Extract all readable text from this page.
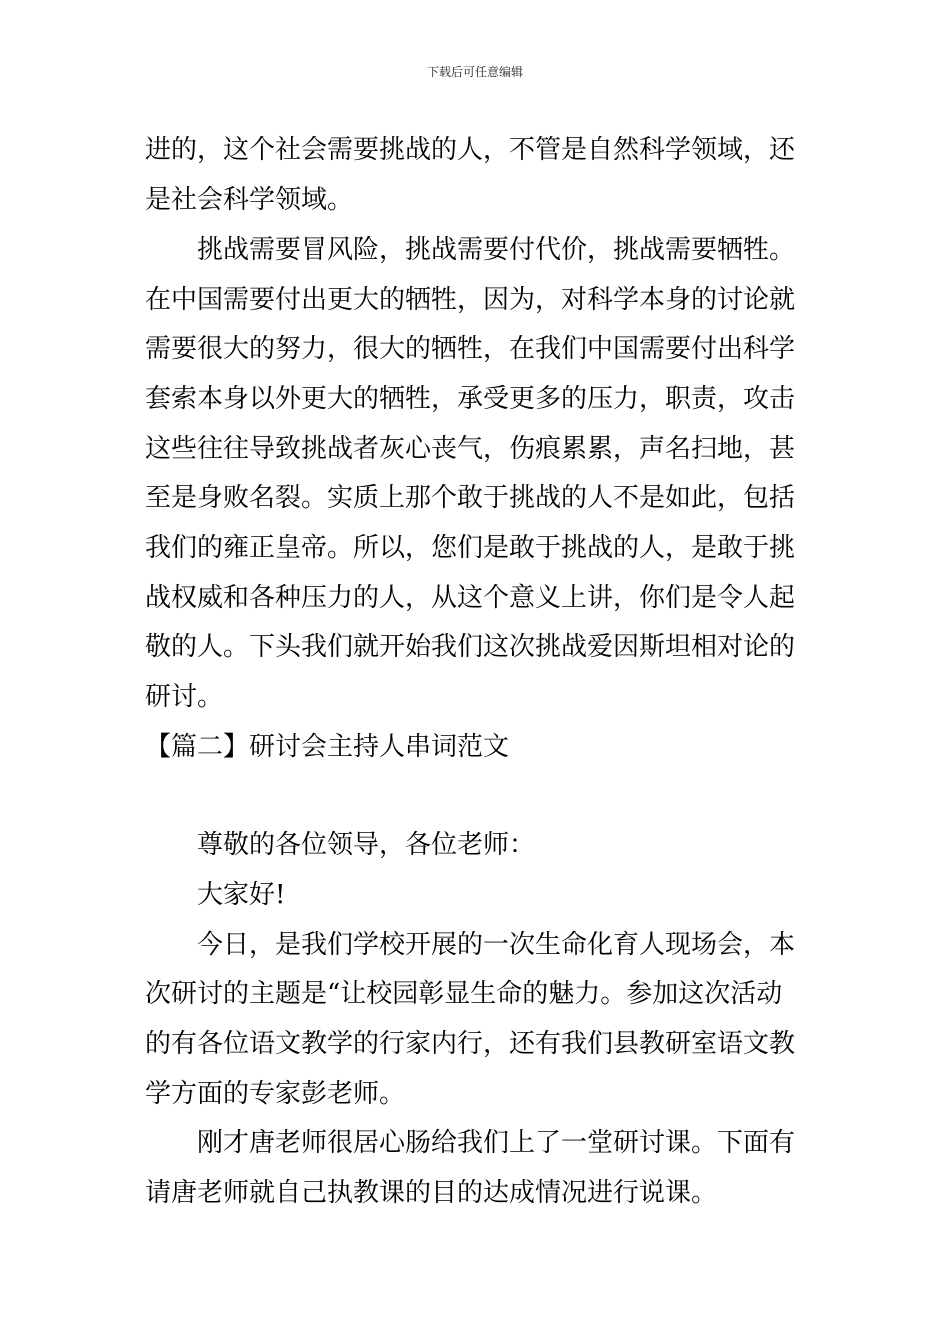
下载后可任意编辑
进的，这个社会需要挑战的人，不管是自然科学领域，还
是社会科学领域。
　　挑战需要冒风险，挑战需要付代价，挑战需要牺牲。
在中国需要付出更大的牺牲，因为，对科学本身的讨论就
需要很大的努力，很大的牺牲，在我们中国需要付出科学
套索本身以外更大的牺牲，承受更多的压力，职责，攻击
这些往往导致挑战者灰心丧气，伤痕累累，声名扫地，甚
至是身败名裂。实质上那个敢于挑战的人不是如此，包括
我们的雍正皇帝。所以，您们是敢于挑战的人，是敢于挑
战权威和各种压力的人，从这个意义上讲，你们是令人起
敬的人。下头我们就开始我们这次挑战爱因斯坦相对论的
研讨。
【篇二】研讨会主持人串词范文
　　尊敬的各位领导，各位老师：
　　大家好!
　　今日，是我们学校开展的一次生命化育人现场会，本
次研讨的主题是“让校园彰显生命的魅力。参加这次活动
的有各位语文教学的行家内行，还有我们县教研室语文教
学方面的专家彭老师。
　　刚才唐老师很居心肠给我们上了一堂研讨课。下面有
请唐老师就自己执教课的目的达成情况进行说课。
